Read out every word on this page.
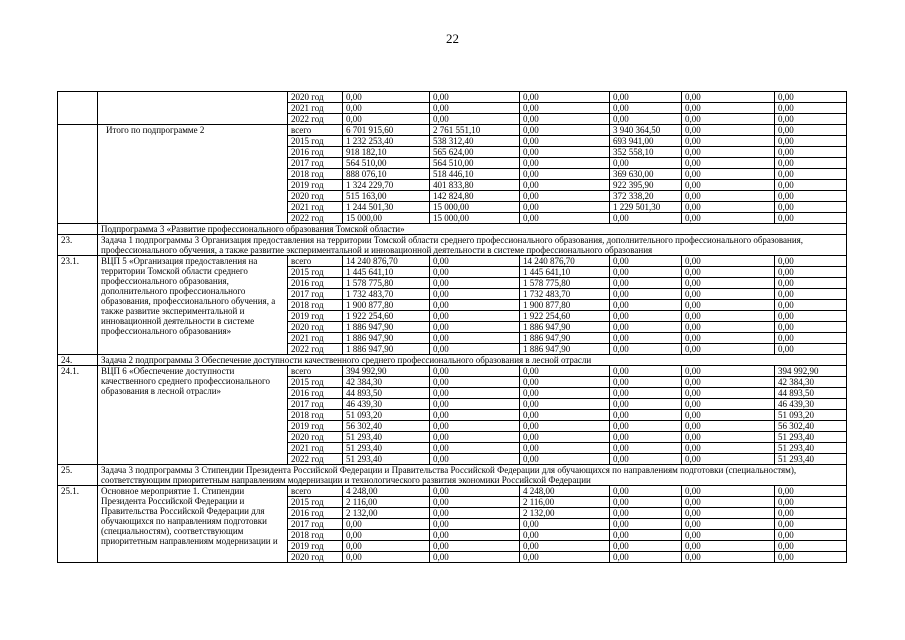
22
		2020 год	0,00	0,00	0,00	0,00	0,00	0,00
		2021 год	0,00	0,00	0,00	0,00	0,00	0,00
		2022 год	0,00	0,00	0,00	0,00	0,00	0,00
	Итого по подпрограмме 2	всего	6 701 915,60	2 761 551,10	0,00	3 940 364,50	0,00	0,00
		2015 год	1 232 253,40	538 312,40	0,00	693 941,00	0,00	0,00
		2016 год	918 182,10	565 624,00	0,00	352 558,10	0,00	0,00
		2017 год	564 510,00	564 510,00	0,00	0,00	0,00	0,00
		2018 год	888 076,10	518 446,10	0,00	369 630,00	0,00	0,00
		2019 год	1 324 229,70	401 833,80	0,00	922 395,90	0,00	0,00
		2020 год	515 163,00	142 824,80	0,00	372 338,20	0,00	0,00
		2021 год	1 244 501,30	15 000,00	0,00	1 229 501,30	0,00	0,00
		2022 год	15 000,00	15 000,00	0,00	0,00	0,00	0,00
	Подпрограмма 3 «Развитие профессионального образования Томской области»							
23.	Задача 1 подпрограммы 3 Организация предоставления на территории Томской области среднего профессионального образования, дополнительного профессионального образования, профессионального обучения, а также развитие экспериментальной и инновационной деятельности в системе профессионального образования							
23.1.	ВЦП 5 «Организация предоставления на территории Томской области среднего профессионального образования, дополнительного профессионального образования, профессионального обучения, а также развитие экспериментальной и инновационной деятельности в системе профессионального образования»	всего	14 240 876,70	0,00	14 240 876,70	0,00	0,00	0,00
		2015 год	1 445 641,10	0,00	1 445 641,10	0,00	0,00	0,00
		2016 год	1 578 775,80	0,00	1 578 775,80	0,00	0,00	0,00
		2017 год	1 732 483,70	0,00	1 732 483,70	0,00	0,00	0,00
		2018 год	1 900 877,80	0,00	1 900 877,80	0,00	0,00	0,00
		2019 год	1 922 254,60	0,00	1 922 254,60	0,00	0,00	0,00
		2020 год	1 886 947,90	0,00	1 886 947,90	0,00	0,00	0,00
		2021 год	1 886 947,90	0,00	1 886 947,90	0,00	0,00	0,00
		2022 год	1 886 947,90	0,00	1 886 947,90	0,00	0,00	0,00
24.	Задача 2 подпрограммы 3 Обеспечение доступности качественного среднего профессионального образования в лесной отрасли							
24.1.	ВЦП 6 «Обеспечение доступности качественного среднего профессионального образования в лесной отрасли»	всего	394 992,90	0,00	0,00	0,00	0,00	394 992,90
		2015 год	42 384,30	0,00	0,00	0,00	0,00	42 384,30
		2016 год	44 893,50	0,00	0,00	0,00	0,00	44 893,50
		2017 год	46 439,30	0,00	0,00	0,00	0,00	46 439,30
		2018 год	51 093,20	0,00	0,00	0,00	0,00	51 093,20
		2019 год	56 302,40	0,00	0,00	0,00	0,00	56 302,40
		2020 год	51 293,40	0,00	0,00	0,00	0,00	51 293,40
		2021 год	51 293,40	0,00	0,00	0,00	0,00	51 293,40
		2022 год	51 293,40	0,00	0,00	0,00	0,00	51 293,40
25.	Задача 3 подпрограммы 3 Стипендии Президента Российской Федерации и Правительства Российской Федерации для обучающихся по направлениям подготовки (специальностям), соответствующим приоритетным направлениям модернизации и технологического развития экономики Российской Федерации							
25.1.	Основное мероприятие 1. Стипендии Президента Российской Федерации и Правительства Российской Федерации для обучающихся по направлениям подготовки (специальностям), соответствующим приоритетным направлениям модернизации и	всего	4 248,00	0,00	4 248,00	0,00	0,00	0,00
		2015 год	2 116,00	0,00	2 116,00	0,00	0,00	0,00
		2016 год	2 132,00	0,00	2 132,00	0,00	0,00	0,00
		2017 год	0,00	0,00	0,00	0,00	0,00	0,00
		2018 год	0,00	0,00	0,00	0,00	0,00	0,00
		2019 год	0,00	0,00	0,00	0,00	0,00	0,00
		2020 год	0,00	0,00	0,00	0,00	0,00	0,00
